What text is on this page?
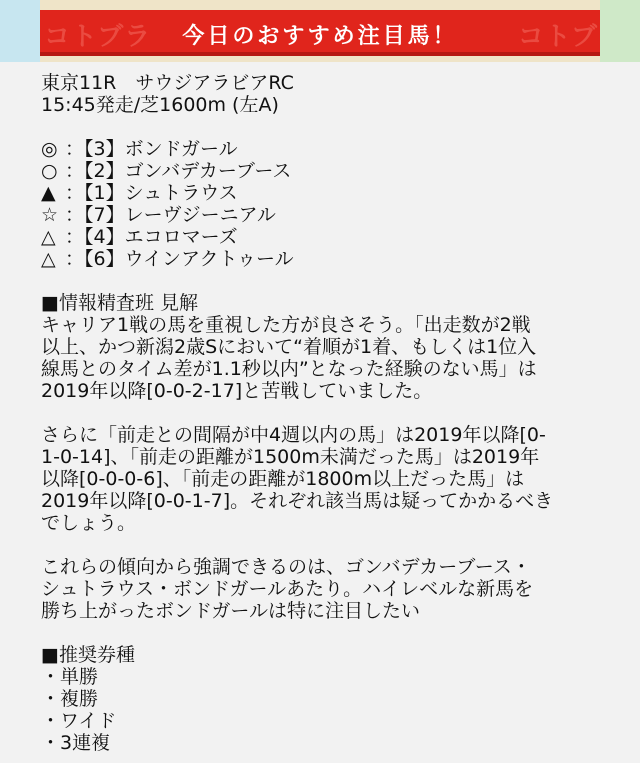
コトブラ	コトブ
今日のおすすめ注目馬！

東京11R　サウジアラビアRC

15:45発走/芝1600m (左A)

◎ ：【3】ボンドガール
○ ：【2】ゴンバデカーブース
▲ ：【1】シュトラウス
☆ ：【7】レーヴジーニアル
△ ：【4】エコロマーズ
△ ：【6】ウインアクトゥール

■情報精査班 見解

キャリア1戦の馬を重視した方が良さそう。「出走数が2戦
以上、かつ新潟2歳Sにおいて“着順が1着、もしくは1位入
線馬とのタイム差が1.1秒以内”となった経験のない馬」は
2019年以降[0-0-2-17]と苦戦していました。
さらに「前走との間隔が中4週以内の馬」は2019年以降[0-
1-0-14]、「前走の距離が1500m未満だった馬」は2019年
以降[0-0-0-6]、「前走の距離が1800m以上だった馬」は
2019年以降[0-0-1-7]。それぞれ該当馬は疑ってかかるべき
でしょう。
これらの傾向から強調できるのは、ゴンバデカーブース・
シュトラウス・ボンドガールあたり。ハイレベルな新馬を
勝ち上がったボンドガールは特に注目したい

■推奨券種

・単勝
・複勝
・ワイド
・3連複
